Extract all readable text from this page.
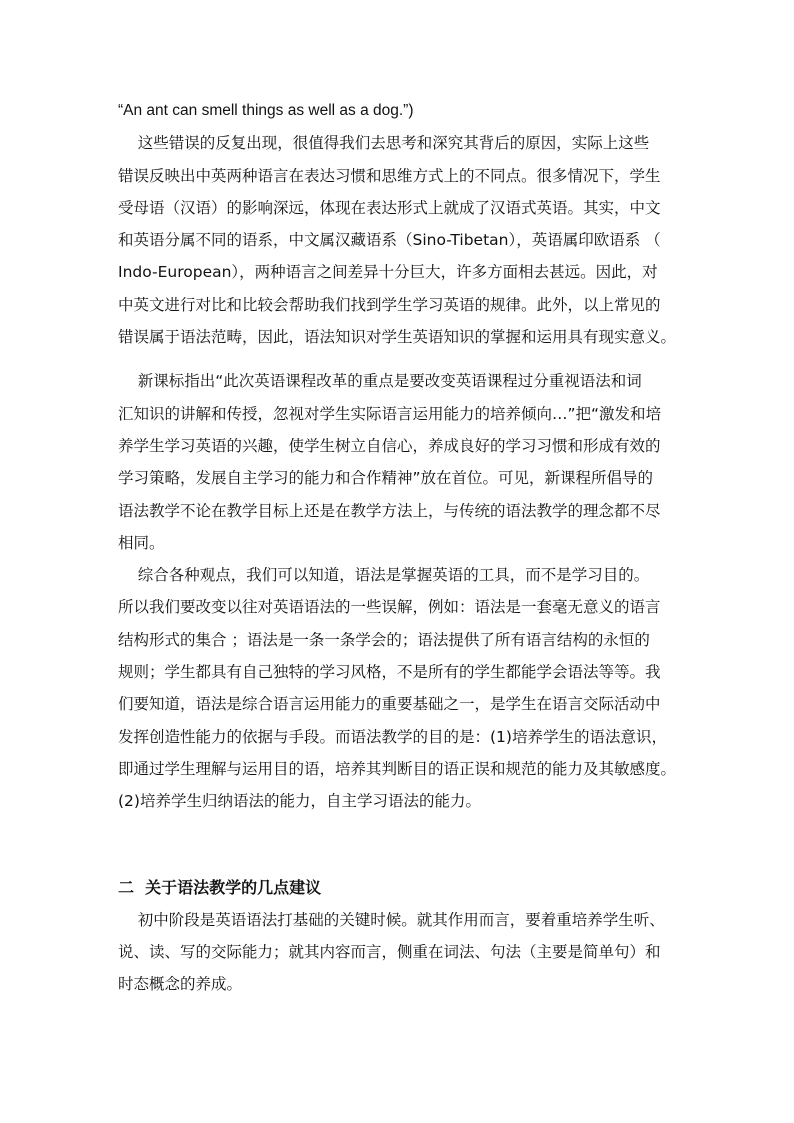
“An ant can smell things as well as a dog.”)

这些错误的反复出现，很值得我们去思考和深究其背后的原因，实际上这些

错误反映出中英两种语言在表达习惯和思维方式上的不同点。很多情况下，学生

受母语（汉语）的影响深远，体现在表达形式上就成了汉语式英语。其实，中文

和英语分属不同的语系，中文属汉藏语系（Sino-Tibetan），英语属印欧语系 （

Indo-European），两种语言之间差异十分巨大，许多方面相去甚远。因此，对

中英文进行对比和比较会帮助我们找到学生学习英语的规律。此外，以上常见的

错误属于语法范畴，因此，语法知识对学生英语知识的掌握和运用具有现实意义。

新课标指出“此次英语课程改革的重点是要改变英语课程过分重视语法和词

汇知识的讲解和传授，忽视对学生实际语言运用能力的培养倾向…”把“激发和培

养学生学习英语的兴趣，使学生树立自信心，养成良好的学习习惯和形成有效的

学习策略，发展自主学习的能力和合作精神”放在首位。可见，新课程所倡导的

语法教学不论在教学目标上还是在教学方法上，与传统的语法教学的理念都不尽

相同。

综合各种观点，我们可以知道，语法是掌握英语的工具，而不是学习目的。

所以我们要改变以往对英语语法的一些误解，例如：语法是一套毫无意义的语言

结构形式的集合 ；语法是一条一条学会的；语法提供了所有语言结构的永恒的

规则；学生都具有自己独特的学习风格，不是所有的学生都能学会语法等等。我

们要知道，语法是综合语言运用能力的重要基础之一，是学生在语言交际活动中

发挥创造性能力的依据与手段。而语法教学的目的是：(1)培养学生的语法意识，

即通过学生理解与运用目的语，培养其判断目的语正误和规范的能力及其敏感度。

(2)培养学生归纳语法的能力，自主学习语法的能力。

二  关于语法教学的几点建议

初中阶段是英语语法打基础的关键时候。就其作用而言，要着重培养学生听、

说、读、写的交际能力；就其内容而言，侧重在词法、句法（主要是简单句）和

时态概念的养成。
